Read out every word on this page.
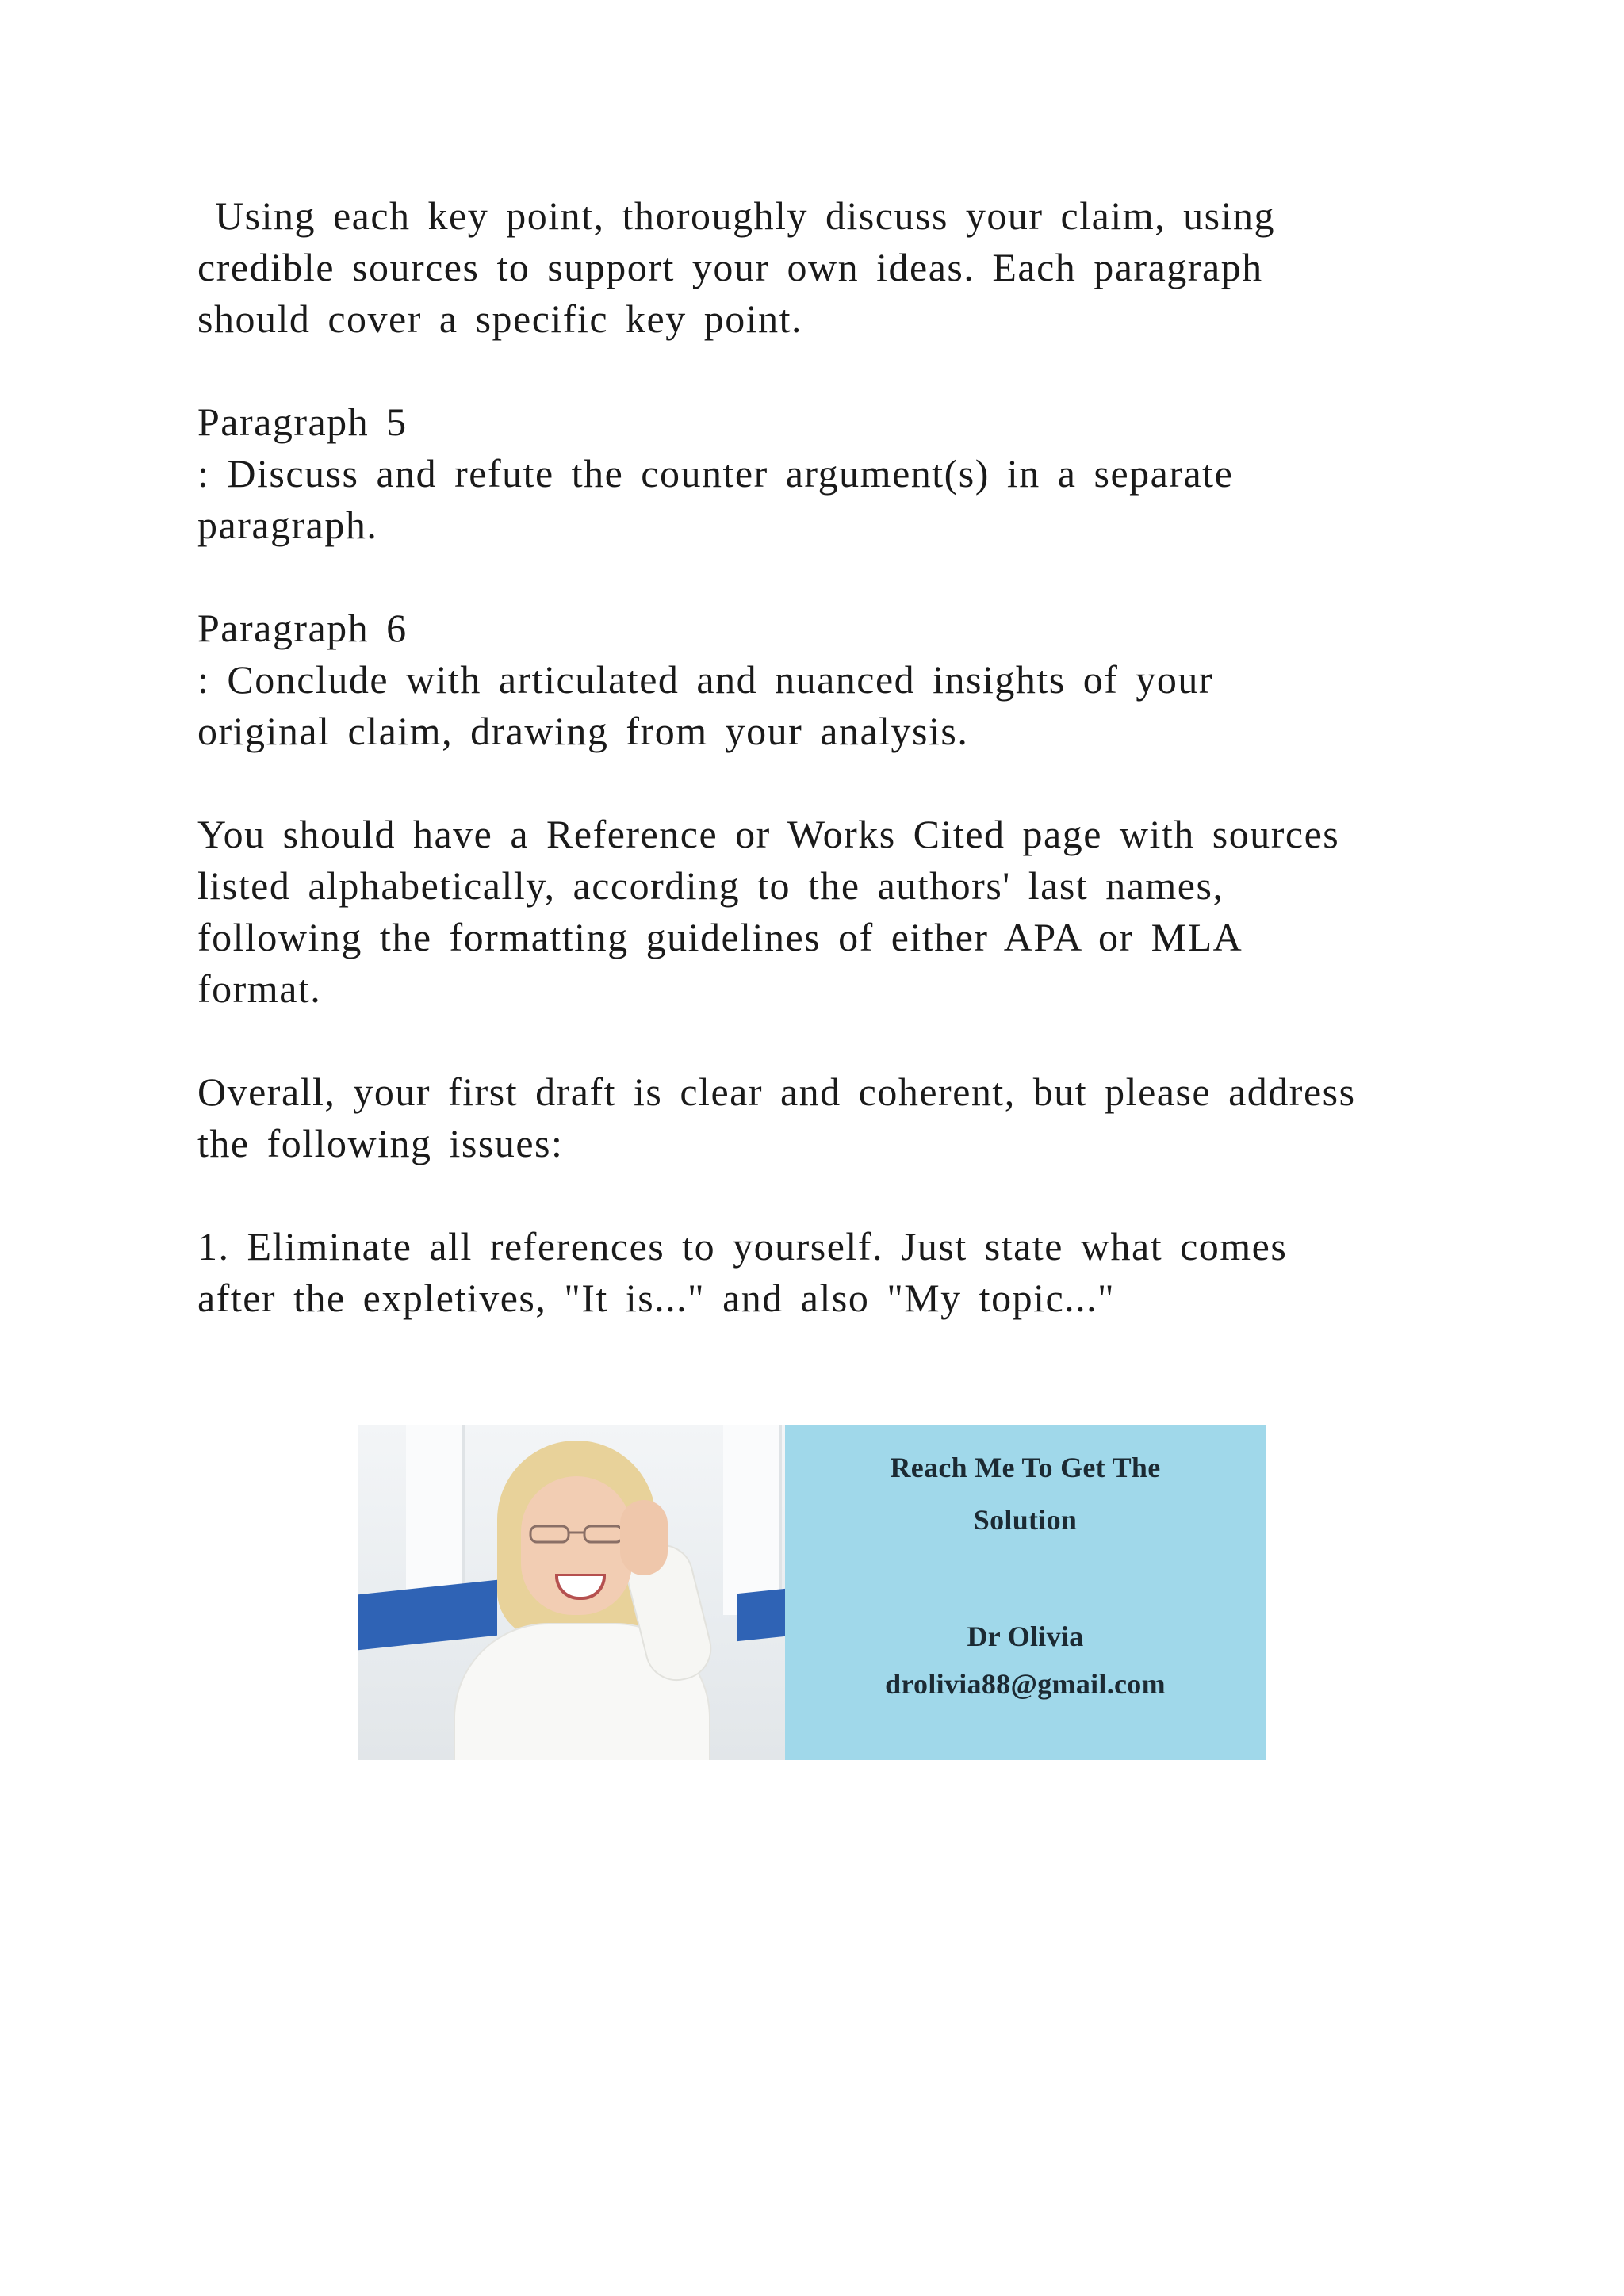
Using each key point, thoroughly discuss your claim, using
credible sources to support your own ideas. Each paragraph
should cover a specific key point.

Paragraph 5
: Discuss and refute the counter argument(s) in a separate
paragraph.

Paragraph 6
: Conclude with articulated and nuanced insights of your
original claim, drawing from your analysis.

You should have a Reference or Works Cited page with sources
listed alphabetically, according to the authors' last names,
following the formatting guidelines of either APA or MLA
format.

Overall, your first draft is clear and coherent, but please address
the following issues:

1. Eliminate all references to yourself. Just state what comes
after the expletives, "It is..." and also "My topic..."

Reach Me To Get The
Solution
Dr Olivia
drolivia88@gmail.com
